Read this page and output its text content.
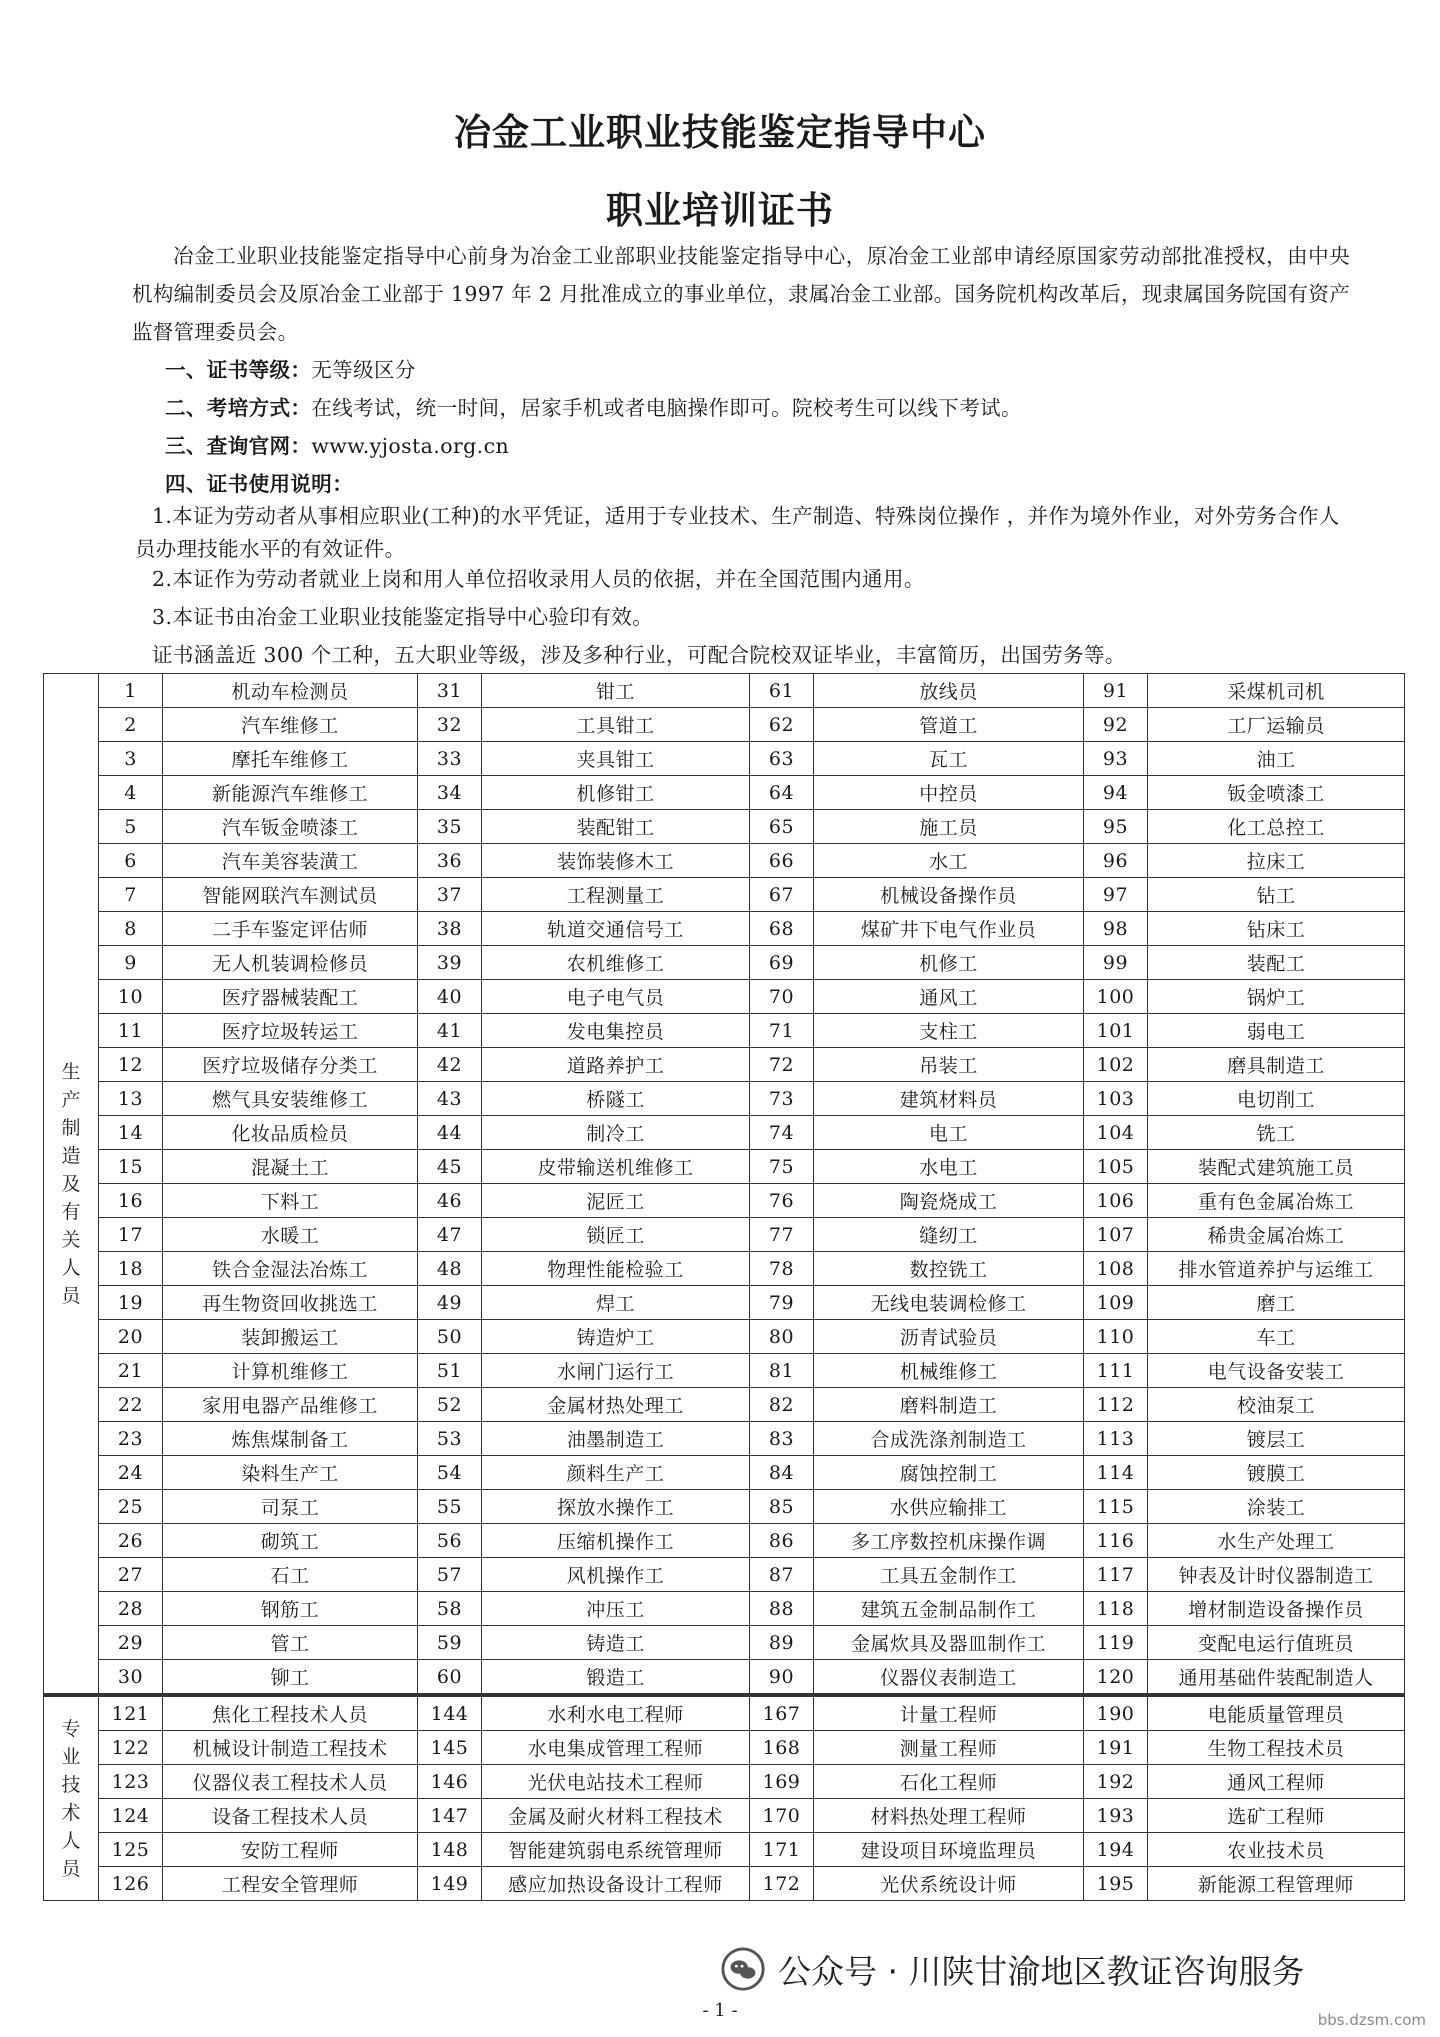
冶金工业职业技能鉴定指导中心
职业培训证书
冶金工业职业技能鉴定指导中心前身为冶金工业部职业技能鉴定指导中心，原冶金工业部申请经原国家劳动部批准授权，由中央机构编制委员会及原冶金工业部于 1997 年 2 月批准成立的事业单位，隶属冶金工业部。国务院机构改革后，现隶属国务院国有资产监督管理委员会。
一、证书等级：无等级区分
二、考培方式：在线考试，统一时间，居家手机或者电脑操作即可。院校考生可以线下考试。
三、查询官网：www.yjosta.org.cn
四、证书使用说明：
1.本证为劳动者从事相应职业(工种)的水平凭证，适用于专业技术、生产制造、特殊岗位操作 ，并作为境外作业，对外劳务合作人员办理技能水平的有效证件。
2.本证作为劳动者就业上岗和用人单位招收录用人员的依据，并在全国范围内通用。
3.本证书由冶金工业职业技能鉴定指导中心验印有效。
证书涵盖近 300 个工种，五大职业等级，涉及多种行业，可配合院校双证毕业，丰富简历，出国劳务等。
生产制造及有关人员	1	机动车检测员	31	钳工	61	放线员	91	采煤机司机
	2	汽车维修工	32	工具钳工	62	管道工	92	工厂运输员
	3	摩托车维修工	33	夹具钳工	63	瓦工	93	油工
	4	新能源汽车维修工	34	机修钳工	64	中控员	94	钣金喷漆工
	5	汽车钣金喷漆工	35	装配钳工	65	施工员	95	化工总控工
	6	汽车美容装潢工	36	装饰装修木工	66	水工	96	拉床工
	7	智能网联汽车测试员	37	工程测量工	67	机械设备操作员	97	钻工
	8	二手车鉴定评估师	38	轨道交通信号工	68	煤矿井下电气作业员	98	钻床工
	9	无人机装调检修员	39	农机维修工	69	机修工	99	装配工
	10	医疗器械装配工	40	电子电气员	70	通风工	100	锅炉工
	11	医疗垃圾转运工	41	发电集控员	71	支柱工	101	弱电工
	12	医疗垃圾储存分类工	42	道路养护工	72	吊装工	102	磨具制造工
	13	燃气具安装维修工	43	桥隧工	73	建筑材料员	103	电切削工
	14	化妆品质检员	44	制冷工	74	电工	104	铣工
	15	混凝土工	45	皮带输送机维修工	75	水电工	105	装配式建筑施工员
	16	下料工	46	泥匠工	76	陶瓷烧成工	106	重有色金属冶炼工
	17	水暖工	47	锁匠工	77	缝纫工	107	稀贵金属冶炼工
	18	铁合金湿法冶炼工	48	物理性能检验工	78	数控铣工	108	排水管道养护与运维工
	19	再生物资回收挑选工	49	焊工	79	无线电装调检修工	109	磨工
	20	装卸搬运工	50	铸造炉工	80	沥青试验员	110	车工
	21	计算机维修工	51	水闸门运行工	81	机械维修工	111	电气设备安装工
	22	家用电器产品维修工	52	金属材热处理工	82	磨料制造工	112	校油泵工
	23	炼焦煤制备工	53	油墨制造工	83	合成洗涤剂制造工	113	镀层工
	24	染料生产工	54	颜料生产工	84	腐蚀控制工	114	镀膜工
	25	司泵工	55	探放水操作工	85	水供应输排工	115	涂装工
	26	砌筑工	56	压缩机操作工	86	多工序数控机床操作调	116	水生产处理工
	27	石工	57	风机操作工	87	工具五金制作工	117	钟表及计时仪器制造工
	28	钢筋工	58	冲压工	88	建筑五金制品制作工	118	增材制造设备操作员
	29	管工	59	铸造工	89	金属炊具及器皿制作工	119	变配电运行值班员
	30	铆工	60	锻造工	90	仪器仪表制造工	120	通用基础件装配制造人
专业技术人员	121	焦化工程技术人员	144	水利水电工程师	167	计量工程师	190	电能质量管理员
	122	机械设计制造工程技术	145	水电集成管理工程师	168	测量工程师	191	生物工程技术员
	123	仪器仪表工程技术人员	146	光伏电站技术工程师	169	石化工程师	192	通风工程师
	124	设备工程技术人员	147	金属及耐火材料工程技术	170	材料热处理工程师	193	选矿工程师
	125	安防工程师	148	智能建筑弱电系统管理师	171	建设项目环境监理员	194	农业技术员
	126	工程安全管理师	149	感应加热设备设计工程师	172	光伏系统设计师	195	新能源工程管理师
公众号 · 川陕甘渝地区教证咨询服务
- 1 -	bbs.dzsm.com
